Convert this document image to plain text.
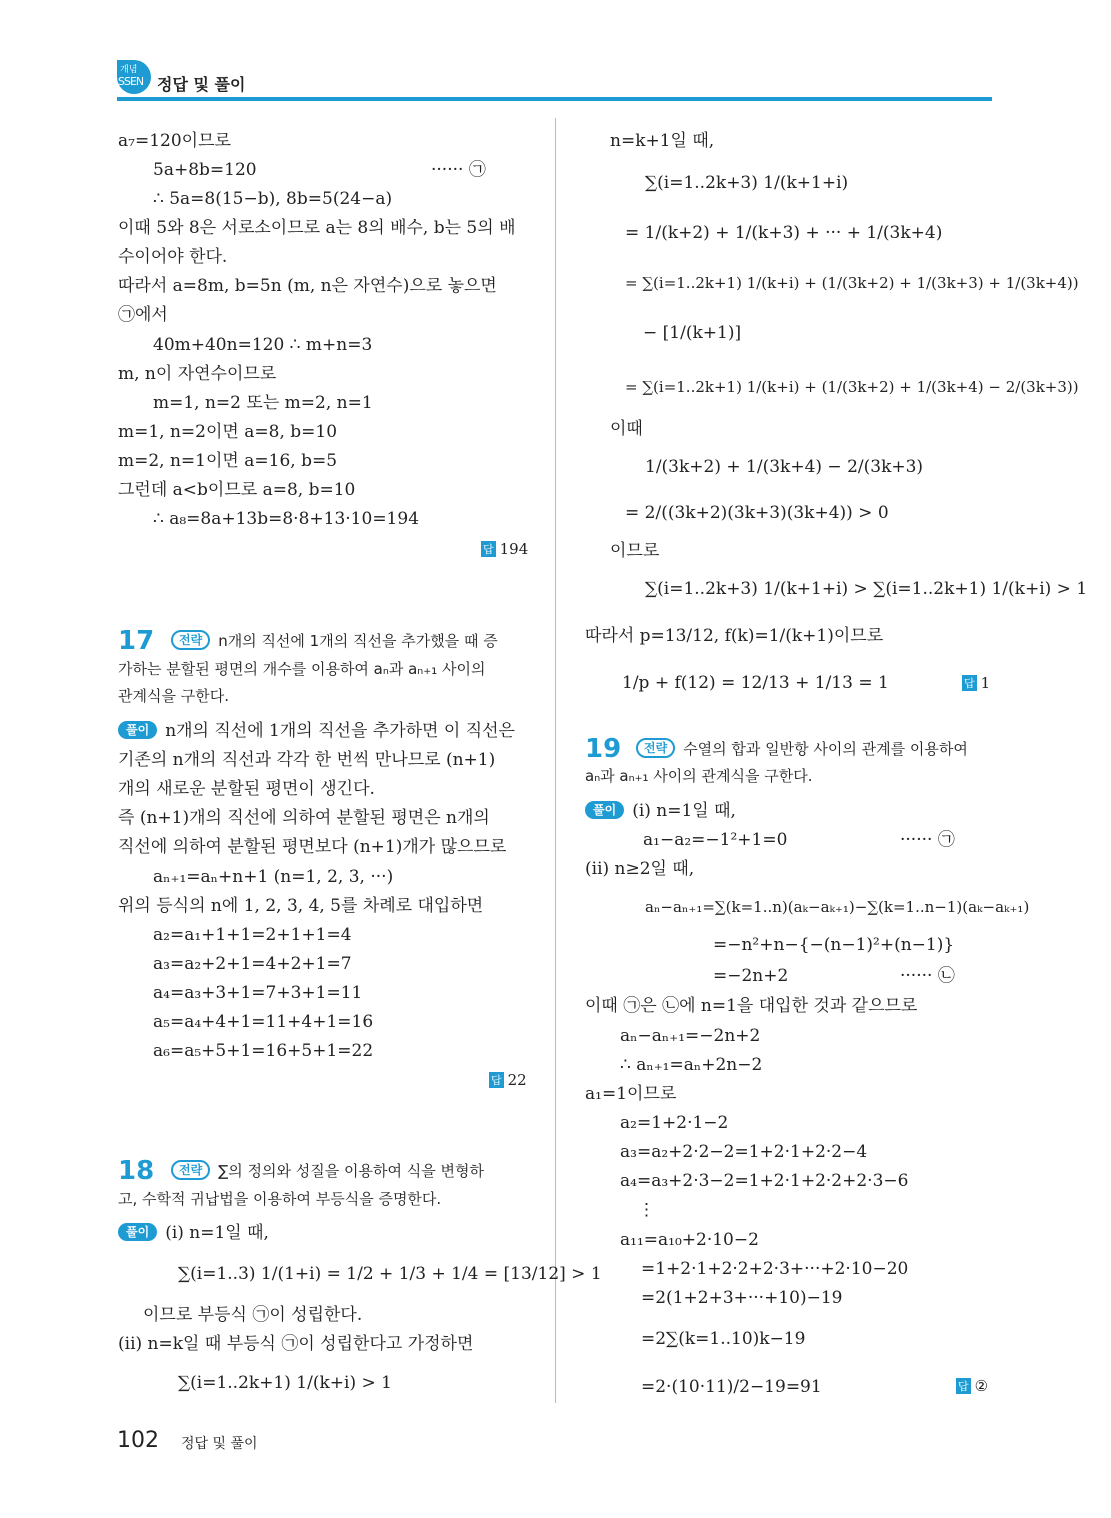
개념
SSEN 정답 및 풀이
a₇=120이므로
5a+8b=120	······ ㉠
∴ 5a=8(15−b), 8b=5(24−a)
이때 5와 8은 서로소이므로 a는 8의 배수, b는 5의 배
수이어야 한다.
따라서 a=8m, b=5n (m, n은 자연수)으로 놓으면
㉠에서
40m+40n=120 ∴ m+n=3
m, n이 자연수이므로
m=1, n=2 또는 m=2, n=1
m=1, n=2이면 a=8, b=10
m=2, n=1이면 a=16, b=5
그런데 a<b이므로 a=8, b=10
∴ a₈=8a+13b=8·8+13·10=194
답 194
17	전략 n개의 직선에 1개의 직선을 추가했을 때 증
가하는 분할된 평면의 개수를 이용하여 aₙ과 aₙ₊₁ 사이의
관계식을 구한다.
풀이 n개의 직선에 1개의 직선을 추가하면 이 직선은
기존의 n개의 직선과 각각 한 번씩 만나므로 (n+1)
개의 새로운 분할된 평면이 생긴다.
즉 (n+1)개의 직선에 의하여 분할된 평면은 n개의
직선에 의하여 분할된 평면보다 (n+1)개가 많으므로
aₙ₊₁=aₙ+n+1 (n=1, 2, 3, ···)
위의 등식의 n에 1, 2, 3, 4, 5를 차례로 대입하면
a₂=a₁+1+1=2+1+1=4
a₃=a₂+2+1=4+2+1=7
a₄=a₃+3+1=7+3+1=11
a₅=a₄+4+1=11+4+1=16
a₆=a₅+5+1=16+5+1=22
답 22
18	전략 ∑의 정의와 성질을 이용하여 식을 변형하
고, 수학적 귀납법을 이용하여 부등식을 증명한다.
풀이 (i) n=1일 때,
∑(i=1..3) 1/(1+i) = 1/2 + 1/3 + 1/4 = [13/12] > 1
이므로 부등식 ㉠이 성립한다.
(ii) n=k일 때 부등식 ㉠이 성립한다고 가정하면
∑(i=1..2k+1) 1/(k+i) > 1
n=k+1일 때,
∑(i=1..2k+3) 1/(k+1+i)
= 1/(k+2) + 1/(k+3) + ··· + 1/(3k+4)
= ∑(i=1..2k+1) 1/(k+i) + (1/(3k+2) + 1/(3k+3) + 1/(3k+4))
− [1/(k+1)]
= ∑(i=1..2k+1) 1/(k+i) + (1/(3k+2) + 1/(3k+4) − 2/(3k+3))
이때
1/(3k+2) + 1/(3k+4) − 2/(3k+3)
= 2/((3k+2)(3k+3)(3k+4)) > 0
이므로
∑(i=1..2k+3) 1/(k+1+i) > ∑(i=1..2k+1) 1/(k+i) > 1
따라서 p=13/12, f(k)=1/(k+1)이므로
1/p + f(12) = 12/13 + 1/13 = 1	답 1
19	전략 수열의 합과 일반항 사이의 관계를 이용하여
aₙ과 aₙ₊₁ 사이의 관계식을 구한다.
풀이 (i) n=1일 때,
a₁−a₂=−1²+1=0	······ ㉠
(ii) n≥2일 때,
aₙ−aₙ₊₁=∑(k=1..n)(aₖ−aₖ₊₁)−∑(k=1..n−1)(aₖ−aₖ₊₁)
=−n²+n−{−(n−1)²+(n−1)}
=−2n+2	······ ㉡
이때 ㉠은 ㉡에 n=1을 대입한 것과 같으므로
aₙ−aₙ₊₁=−2n+2
∴ aₙ₊₁=aₙ+2n−2
a₁=1이므로
a₂=1+2·1−2
a₃=a₂+2·2−2=1+2·1+2·2−4
a₄=a₃+2·3−2=1+2·1+2·2+2·3−6
⋮
a₁₁=a₁₀+2·10−2
=1+2·1+2·2+2·3+···+2·10−20
=2(1+2+3+···+10)−19
=2∑(k=1..10)k−19
=2·(10·11)/2−19=91	답 ②
102 정답 및 풀이
